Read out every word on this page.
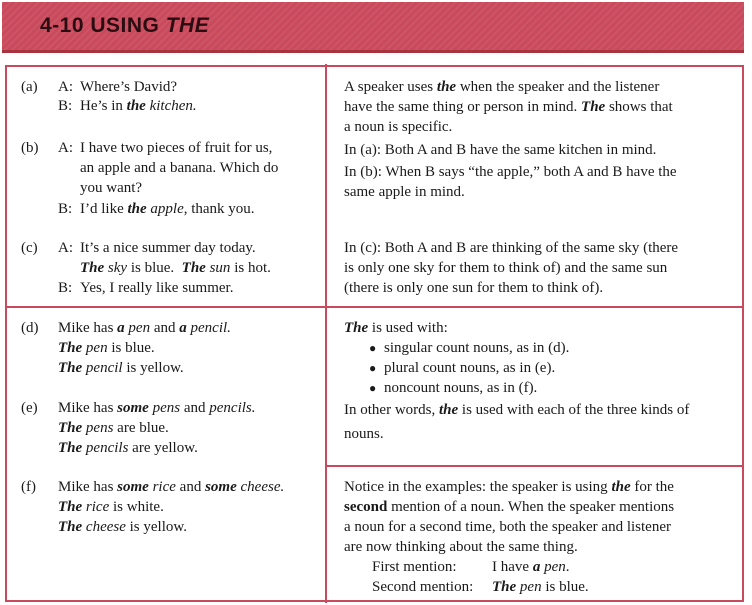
4-10 USING THE
(a) A: Where’s David?
B: He’s in the kitchen.
(b) A: I have two pieces of fruit for us,
an apple and a banana. Which do
you want?
B: I’d like the apple, thank you.
(c) A: It’s a nice summer day today.
The sky is blue.  The sun is hot.
B: Yes, I really like summer.
(d) Mike has a pen and a pencil.
The pen is blue.
The pencil is yellow.
(e) Mike has some pens and pencils.
The pens are blue.
The pencils are yellow.
(f) Mike has some rice and some cheese.
The rice is white.
The cheese is yellow.
A speaker uses the when the speaker and the listener
have the same thing or person in mind. The shows that
a noun is specific.
In (a): Both A and B have the same kitchen in mind.
In (b): When B says “the apple,” both A and B have the
same apple in mind.
In (c): Both A and B are thinking of the same sky (there
is only one sky for them to think of) and the same sun
(there is only one sun for them to think of).
The is used with:
● singular count nouns, as in (d).
● plural count nouns, as in (e).
● noncount nouns, as in (f).
In other words, the is used with each of the three kinds of
nouns.
Notice in the examples: the speaker is using the for the
second mention of a noun. When the speaker mentions
a noun for a second time, both the speaker and listener
are now thinking about the same thing.
First mention: I have a pen.
Second mention: The pen is blue.
